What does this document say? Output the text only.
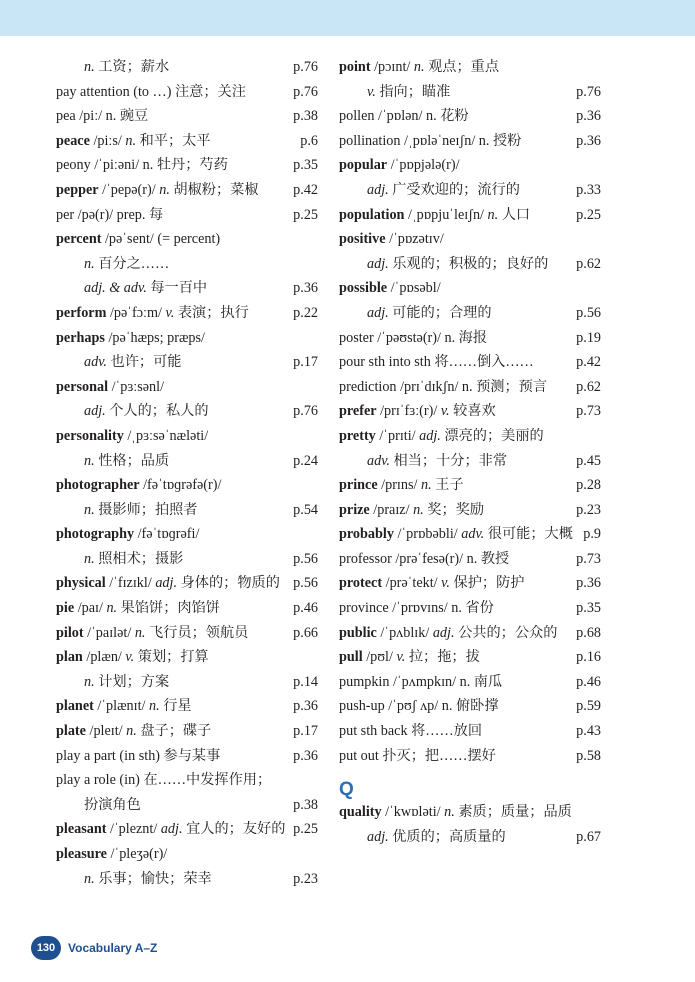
n. 工资；薪水	p.76
pay attention (to …) 注意；关注	p.76
pea /piː/ n. 豌豆	p.38
peace /piːs/ n. 和平；太平	p.6
peony /ˈpiːəni/ n. 牡丹；芍药	p.35
pepper /ˈpepə(r)/ n. 胡椒粉；菜椒 p.42
per /pə(r)/ prep. 每	p.25
percent /pəˈsent/ (= percent)
n. 百分之……
adj. & adv. 每一百中	p.36
perform /pəˈfɔːm/ v. 表演；执行	p.22
perhaps /pəˈhæps; præps/
adv. 也许；可能	p.17
personal /ˈpɜːsənl/
adj. 个人的；私人的	p.76
personality /ˌpɜːsəˈnæləti/
n. 性格；品质	p.24
photographer /fəˈtɒɡrəfə(r)/
n. 摄影师；拍照者	p.54
photography /fəˈtɒɡrəfi/
n. 照相术；摄影	p.56
physical /ˈfɪzɪkl/ adj. 身体的；物质的 p.56
pie /paɪ/ n. 果馅饼；肉馅饼	p.46
pilot /ˈpaɪlət/ n. 飞行员；领航员	p.66
plan /plæn/ v. 策划；打算
n. 计划；方案	p.14
planet /ˈplænɪt/ n. 行星	p.36
plate /pleɪt/ n. 盘子；碟子	p.17
play a part (in sth) 参与某事	p.36
play a role (in) 在……中发挥作用；
扮演角色	p.38
pleasant /ˈpleznt/ adj. 宜人的；友好的 p.25
pleasure /ˈpleʒə(r)/
n. 乐事；愉快；荣幸	p.23
point /pɔɪnt/ n. 观点；重点
v. 指向；瞄准	p.76
pollen /ˈpɒlən/ n. 花粉	p.36
pollination /ˌpɒləˈneɪʃn/ n. 授粉	p.36
popular /ˈpɒpjələ(r)/
adj. 广受欢迎的；流行的	p.33
population /ˌpɒpjuˈleɪʃn/ n. 人口	p.25
positive /ˈpɒzətɪv/
adj. 乐观的；积极的；良好的 p.62
possible /ˈpɒsəbl/
adj. 可能的；合理的	p.56
poster /ˈpəʊstə(r)/ n. 海报	p.19
pour sth into sth 将……倒入……	p.42
prediction /prɪˈdɪkʃn/ n. 预测；预言 p.62
prefer /prɪˈfɜː(r)/ v. 较喜欢	p.73
pretty /ˈprɪti/ adj. 漂亮的；美丽的
adv. 相当；十分；非常	p.45
prince /prɪns/ n. 王子	p.28
prize /praɪz/ n. 奖；奖励	p.23
probably /ˈprɒbəbli/ adv. 很可能；大概 p.9
professor /prəˈfesə(r)/ n. 教授	p.73
protect /prəˈtekt/ v. 保护；防护	p.36
province /ˈprɒvɪns/ n. 省份	p.35
public /ˈpʌblɪk/ adj. 公共的；公众的 p.68
pull /pʊl/ v. 拉；拖；拔	p.16
pumpkin /ˈpʌmpkɪn/ n. 南瓜	p.46
push-up /ˈpʊʃ ʌp/ n. 俯卧撑	p.59
put sth back 将……放回	p.43
put out 扑灭；把……摆好	p.58
Q
quality /ˈkwɒləti/ n. 素质；质量；品质
adj. 优质的；高质量的	p.67
130	Vocabulary A–Z
